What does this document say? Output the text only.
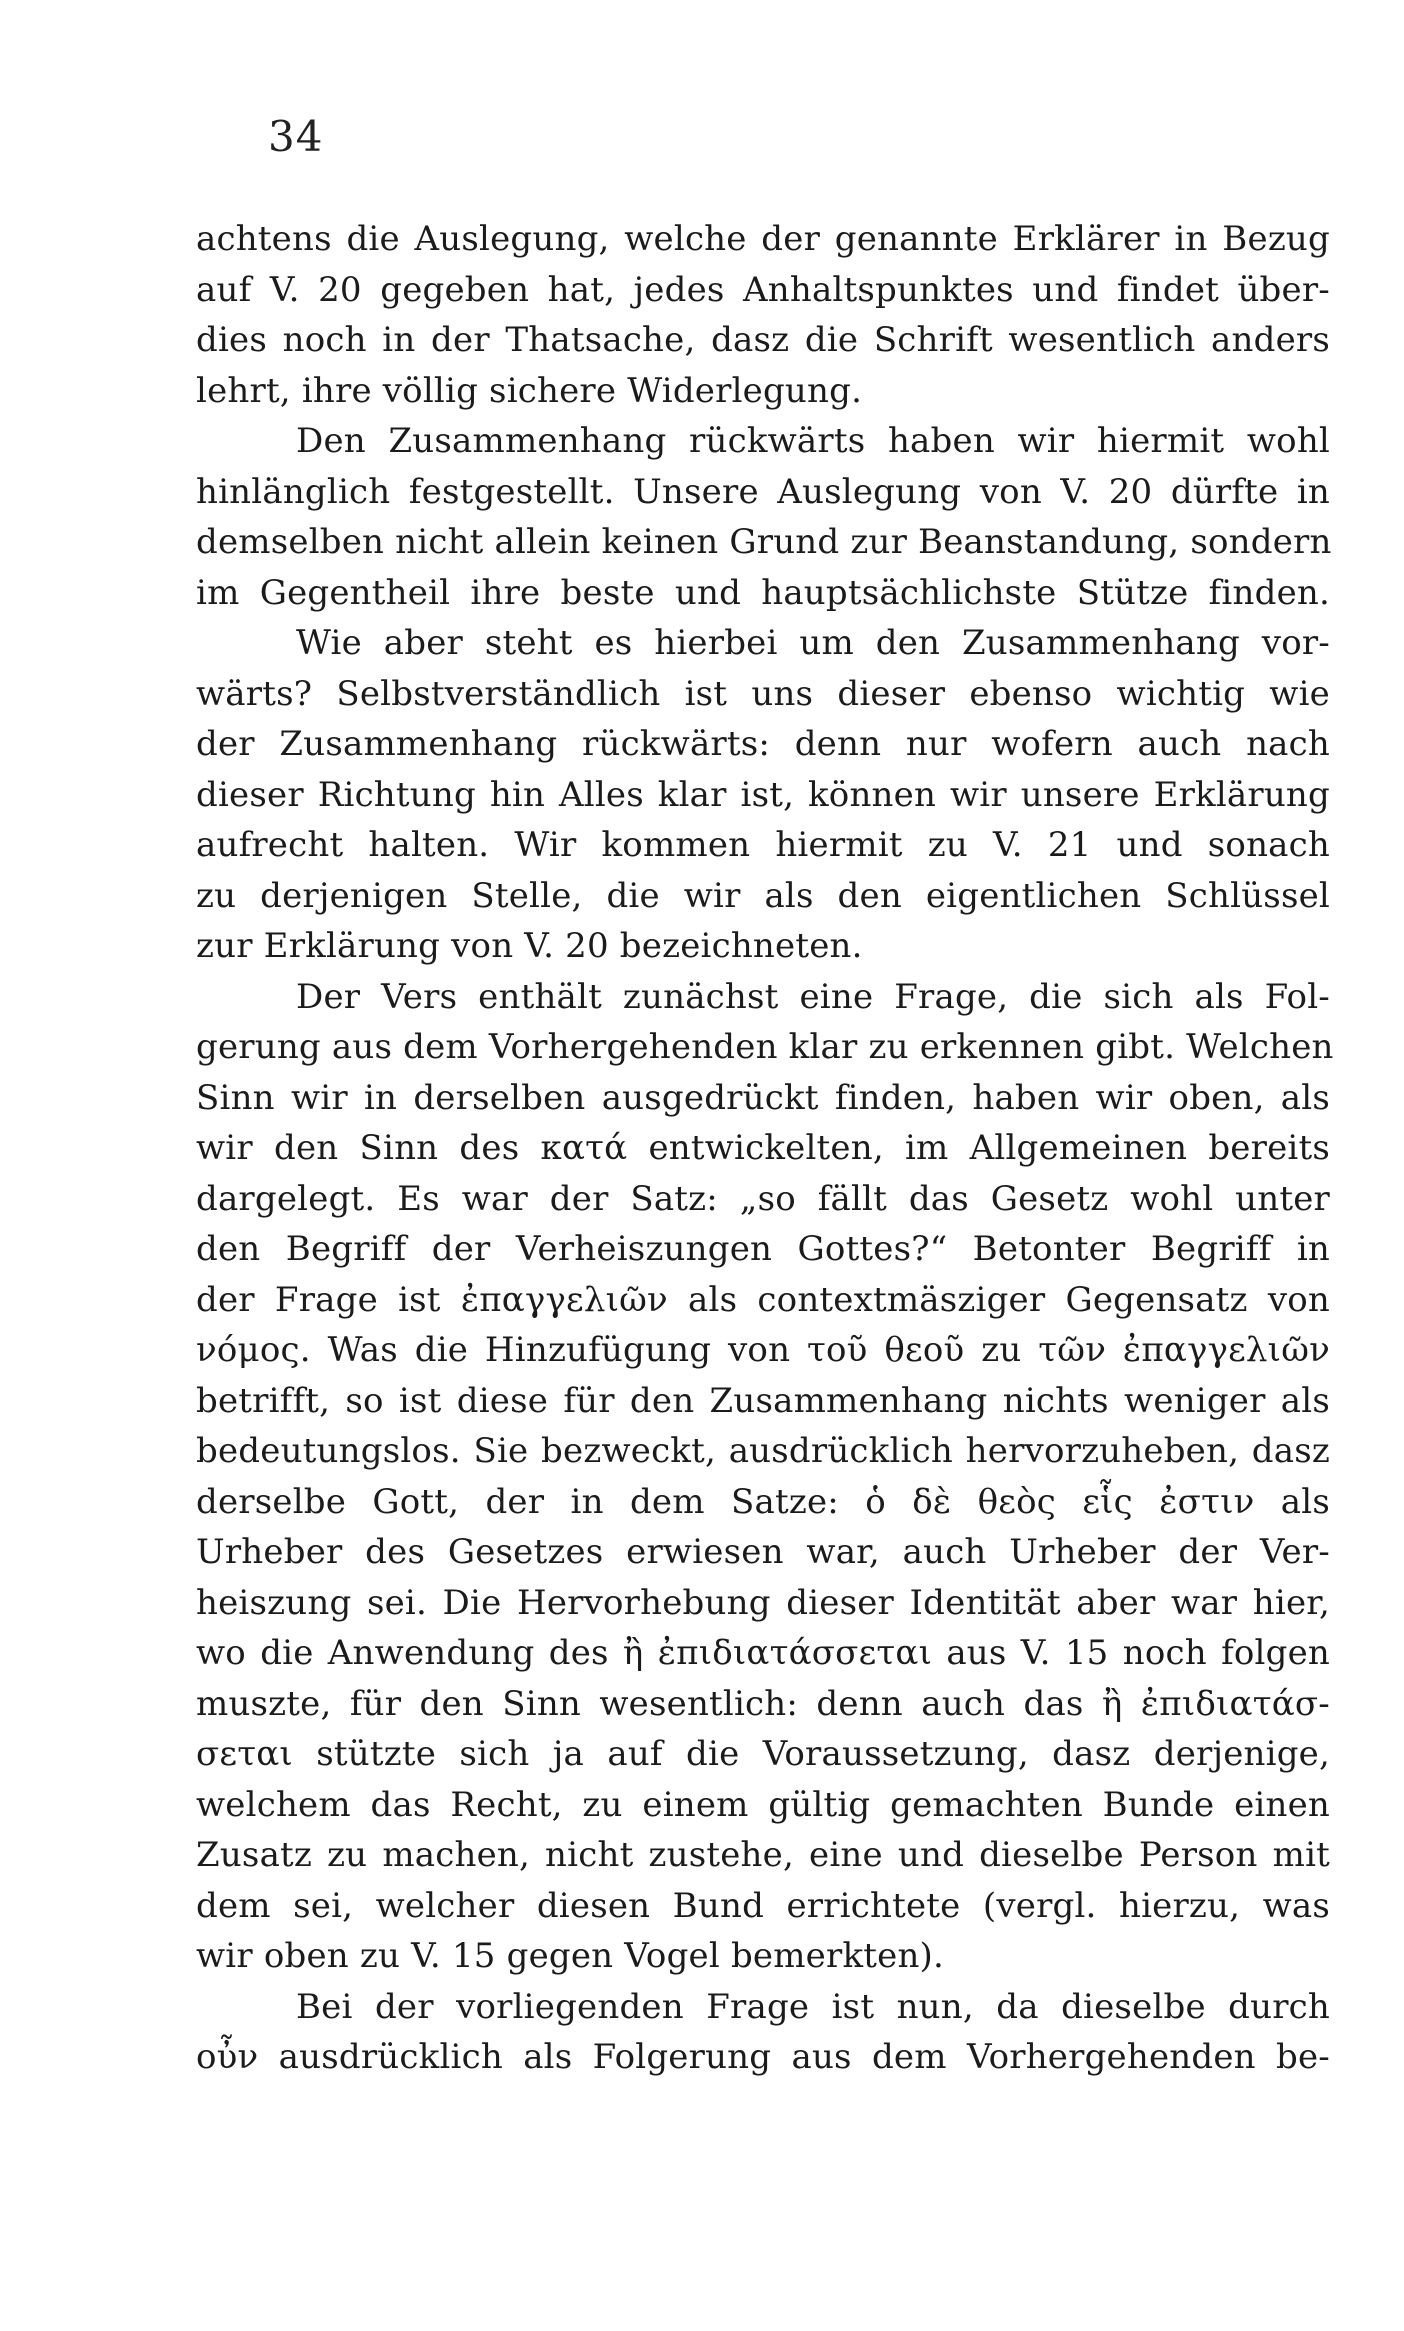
34
achtens die Auslegung, welche der genannte Erklärer in Bezug
auf V. 20 gegeben hat, jedes Anhaltspunktes und findet über-
dies noch in der Thatsache, dasz die Schrift wesentlich anders
lehrt, ihre völlig sichere Widerlegung.
Den Zusammenhang rückwärts haben wir hiermit wohl
hinlänglich festgestellt. Unsere Auslegung von V. 20 dürfte in
demselben nicht allein keinen Grund zur Beanstandung, sondern
im Gegentheil ihre beste und hauptsächlichste Stütze finden.
Wie aber steht es hierbei um den Zusammenhang vor-
wärts? Selbstverständlich ist uns dieser ebenso wichtig wie
der Zusammenhang rückwärts: denn nur wofern auch nach
dieser Richtung hin Alles klar ist, können wir unsere Erklärung
aufrecht halten. Wir kommen hiermit zu V. 21 und sonach
zu derjenigen Stelle, die wir als den eigentlichen Schlüssel
zur Erklärung von V. 20 bezeichneten.
Der Vers enthält zunächst eine Frage, die sich als Fol-
gerung aus dem Vorhergehenden klar zu erkennen gibt. Welchen
Sinn wir in derselben ausgedrückt finden, haben wir oben, als
wir den Sinn des κατά entwickelten, im Allgemeinen bereits
dargelegt. Es war der Satz: „so fällt das Gesetz wohl unter
den Begriff der Verheiszungen Gottes?“ Betonter Begriff in
der Frage ist ἐπαγγελιῶν als contextmäsziger Gegensatz von
νόμος. Was die Hinzufügung von τοῦ θεοῦ zu τῶν ἐπαγγελιῶν
betrifft, so ist diese für den Zusammenhang nichts weniger als
bedeutungslos. Sie bezweckt, ausdrücklich hervorzuheben, dasz
derselbe Gott, der in dem Satze: ὁ δὲ θεὸς εἷς ἐστιν als
Urheber des Gesetzes erwiesen war, auch Urheber der Ver-
heiszung sei. Die Hervorhebung dieser Identität aber war hier,
wo die Anwendung des ἢ ἐπιδιατάσσεται aus V. 15 noch folgen
muszte, für den Sinn wesentlich: denn auch das ἢ ἐπιδιατάσ-
σεται stützte sich ja auf die Voraussetzung, dasz derjenige,
welchem das Recht, zu einem gültig gemachten Bunde einen
Zusatz zu machen, nicht zustehe, eine und dieselbe Person mit
dem sei, welcher diesen Bund errichtete (vergl. hierzu, was
wir oben zu V. 15 gegen Vogel bemerkten).
Bei der vorliegenden Frage ist nun, da dieselbe durch
οὖν ausdrücklich als Folgerung aus dem Vorhergehenden be-
